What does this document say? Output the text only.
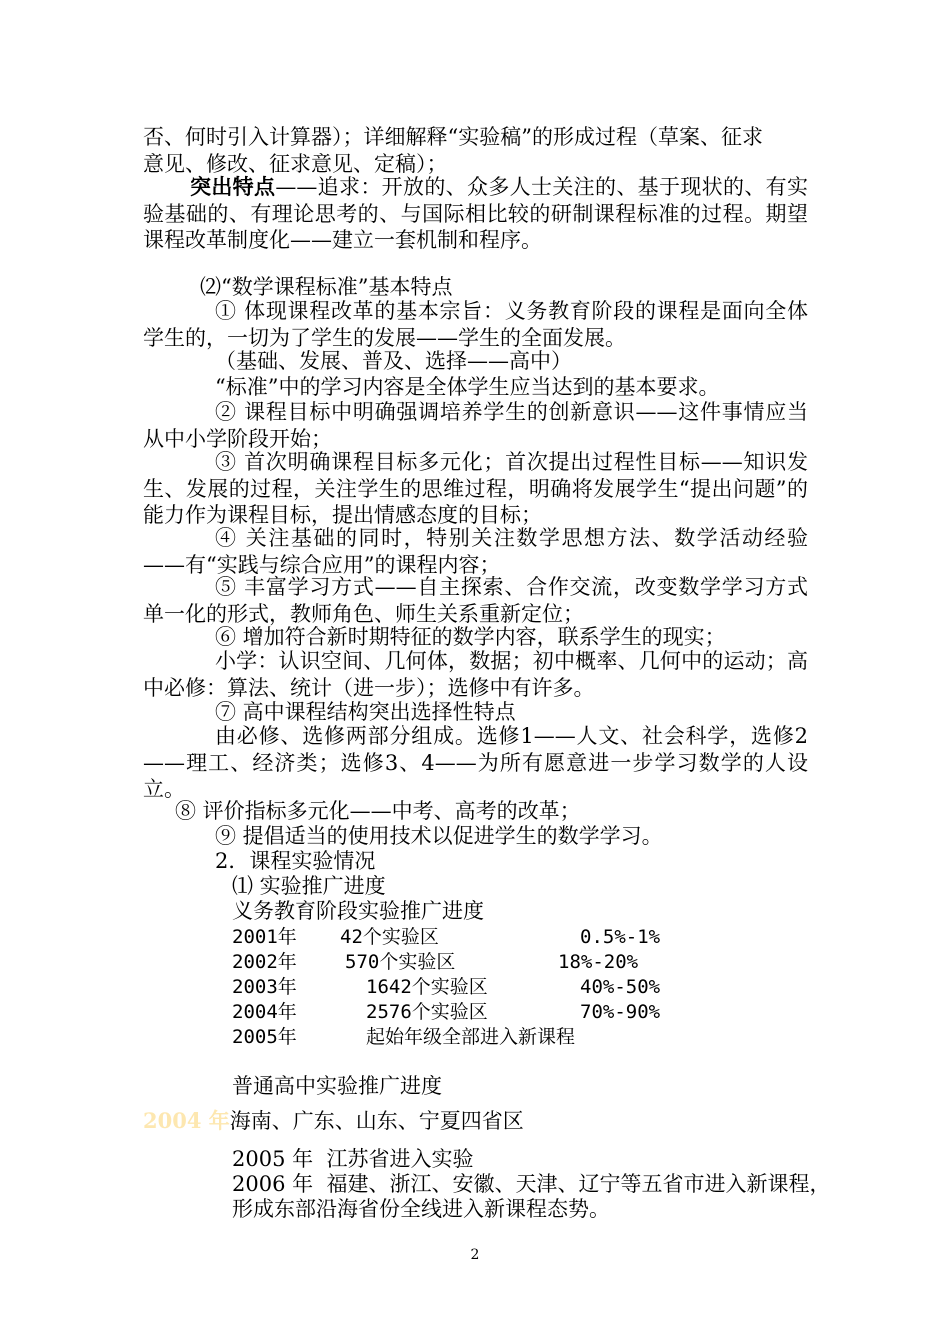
否、何时引入计算器）；详细解释“实验稿”的形成过程（草案、征求
意见、修改、征求意见、定稿）；
突出特点——追求：开放的、众多人士关注的、基于现状的、有实验基础的、有理论思考的、与国际相比较的研制课程标准的过程。期望课程改革制度化——建立一套机制和程序。
⑵“数学课程标准”基本特点
① 体现课程改革的基本宗旨：义务教育阶段的课程是面向全体学生的，一切为了学生的发展——学生的全面发展。
（基础、发展、普及、选择——高中）
“标准”中的学习内容是全体学生应当达到的基本要求。
② 课程目标中明确强调培养学生的创新意识——这件事情应当从中小学阶段开始；
③ 首次明确课程目标多元化；首次提出过程性目标——知识发生、发展的过程，关注学生的思维过程，明确将发展学生“提出问题”的能力作为课程目标，提出情感态度的目标；
④ 关注基础的同时，特别关注数学思想方法、数学活动经验——有“实践与综合应用”的课程内容；
⑤ 丰富学习方式——自主探索、合作交流，改变数学学习方式单一化的形式，教师角色、师生关系重新定位；
⑥ 增加符合新时期特征的数学内容，联系学生的现实；
小学：认识空间、几何体，数据；初中概率、几何中的运动；高中必修：算法、统计（进一步）；选修中有许多。
⑦ 高中课程结构突出选择性特点
由必修、选修两部分组成。选修1——人文、社会科学，选修2——理工、经济类；选修3、4——为所有愿意进一步学习数学的人设立。
⑧ 评价指标多元化——中考、高考的改革；
⑨ 提倡适当的使用技术以促进学生的数学学习。
2．课程实验情况
⑴ 实验推广进度
义务教育阶段实验推广进度
2001年 42个实验区	0.5%-1%
2002年	570个实验区	18%-20%
2003年	1642个实验区	40%-50%
2004年	2576个实验区	70%-90%
2005年	起始年级全部进入新课程
普通高中实验推广进度
2004 年海南、广东、山东、宁夏四省区
2005 年  江苏省进入实验
2006 年  福建、浙江、安徽、天津、辽宁等五省市进入新课程，
形成东部沿海省份全线进入新课程态势。
2
